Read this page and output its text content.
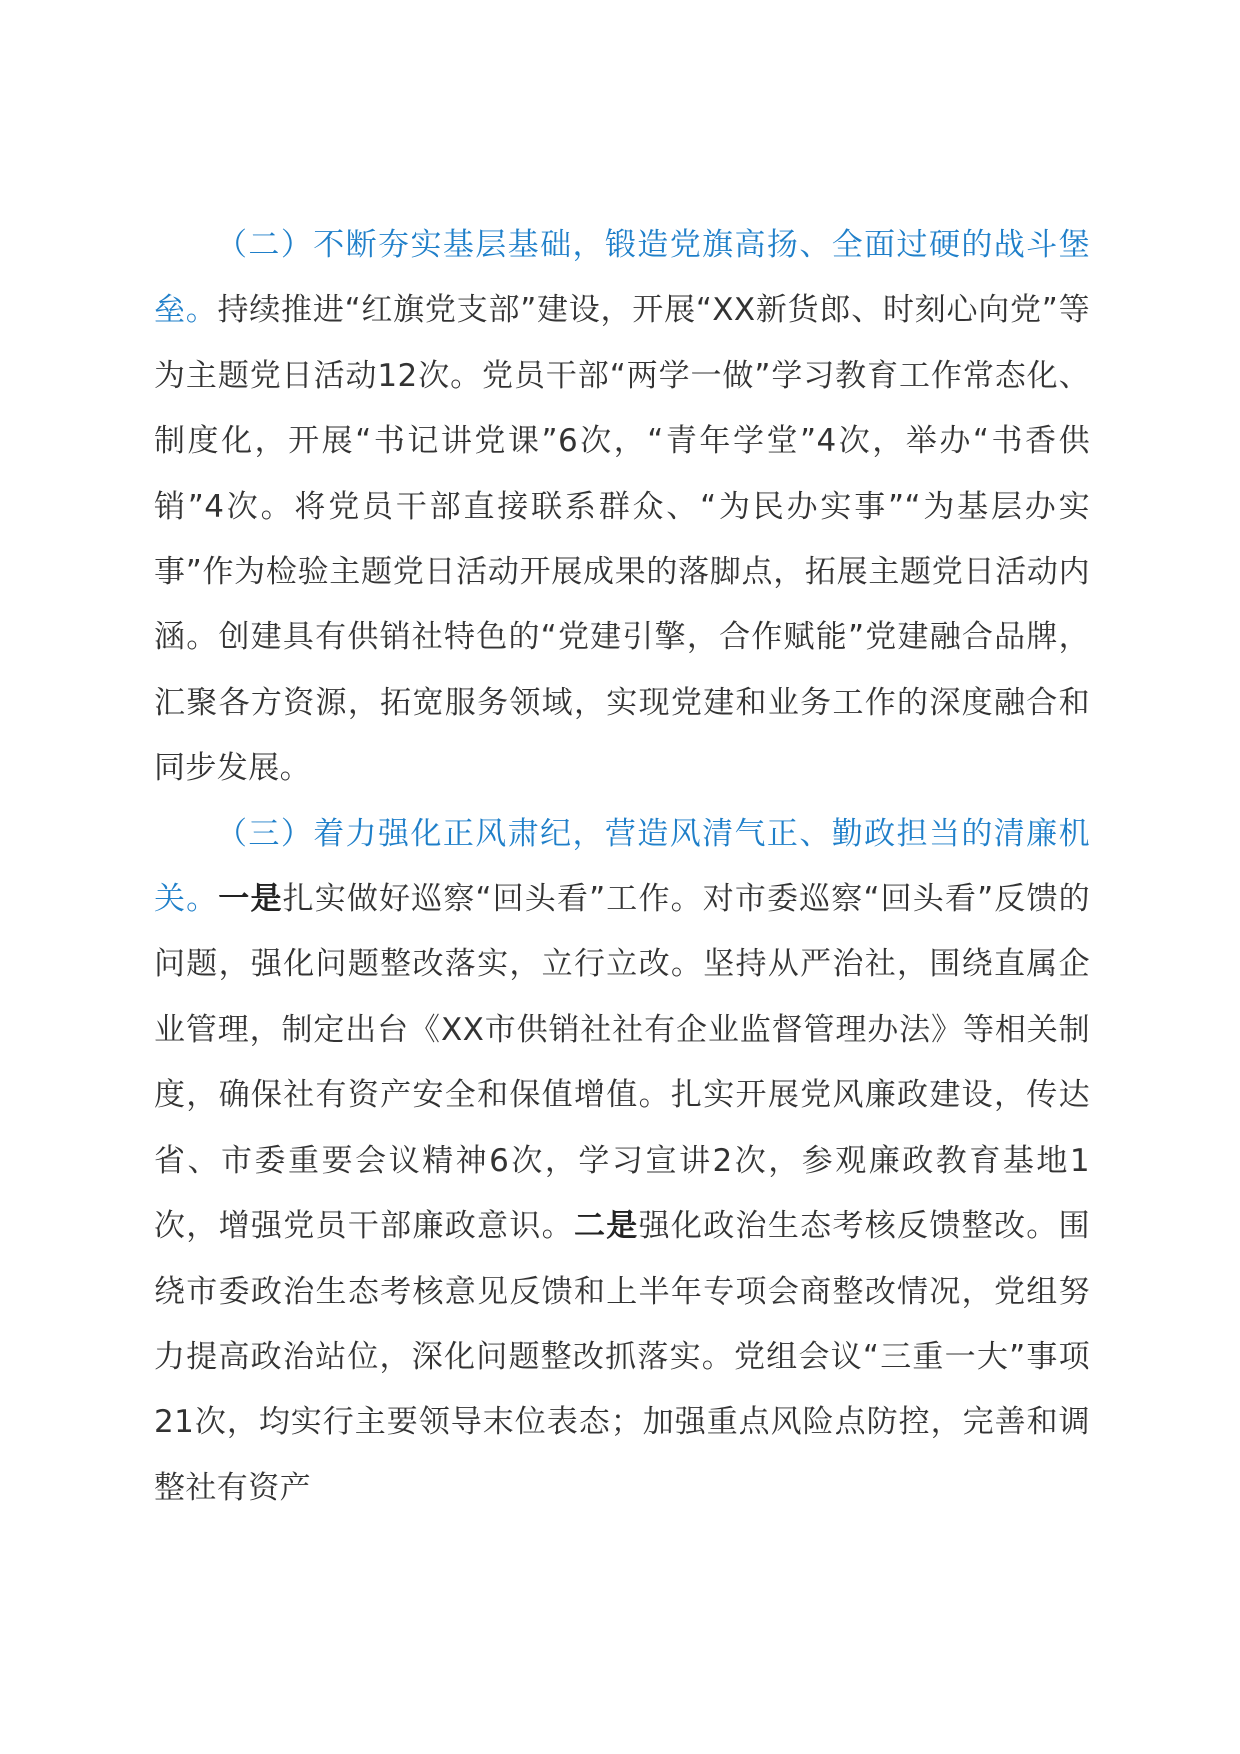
（二）不断夯实基层基础，锻造党旗高扬、全面过硬的战斗堡垒。持续推进“红旗党支部”建设，开展“XX新货郎、时刻心向党”等为主题党日活动12次。党员干部“两学一做”学习教育工作常态化、制度化，开展“书记讲党课”6次，“青年学堂”4次，举办“书香供销”4次。将党员干部直接联系群众、“为民办实事”“为基层办实事”作为检验主题党日活动开展成果的落脚点，拓展主题党日活动内涵。创建具有供销社特色的“党建引擎，合作赋能”党建融合品牌，汇聚各方资源，拓宽服务领域，实现党建和业务工作的深度融合和同步发展。

（三）着力强化正风肃纪，营造风清气正、勤政担当的清廉机关。一是扎实做好巡察“回头看”工作。对市委巡察“回头看”反馈的问题，强化问题整改落实，立行立改。坚持从严治社，围绕直属企业管理，制定出台《XX市供销社社有企业监督管理办法》等相关制度，确保社有资产安全和保值增值。扎实开展党风廉政建设，传达省、市委重要会议精神6次，学习宣讲2次，参观廉政教育基地1次，增强党员干部廉政意识。二是强化政治生态考核反馈整改。围绕市委政治生态考核意见反馈和上半年专项会商整改情况，党组努力提高政治站位，深化问题整改抓落实。党组会议“三重一大”事项21次，均实行主要领导末位表态；加强重点风险点防控，完善和调整社有资产
